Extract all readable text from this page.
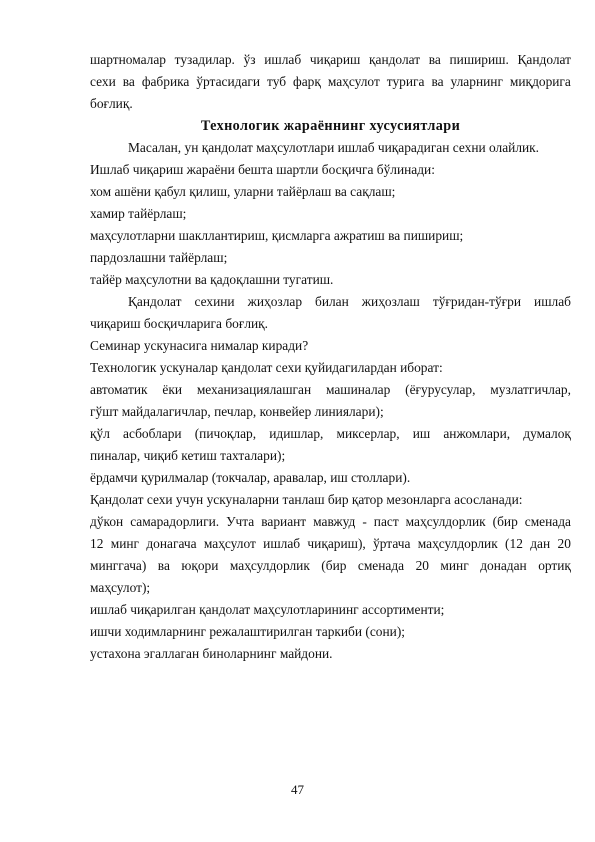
шартномалар тузадилар. ўз ишлаб чиқариш қандолат ва пишириш. Қандолат
сехи ва фабрика ўртасидаги туб фарқ маҳсулот турига ва уларнинг миқдорига
боғлиқ.
Технологик жараённинг хусусиятлари
Масалан, ун қандолат маҳсулотлари ишлаб чиқарадиган сехни олайлик.
Ишлаб чиқариш жараёни бешта шартли босқичга бўлинади:
хом ашёни қабул қилиш, уларни тайёрлаш ва сақлаш;
хамир тайёрлаш;
маҳсулотларни шакллантириш, қисмларга ажратиш ва пишириш;
пардозлашни тайёрлаш;
тайёр маҳсулотни ва қадоқлашни тугатиш.
Қандолат сехини жиҳозлар билан жиҳозлаш тўғридан-тўғри ишлаб
чиқариш босқичларига боғлиқ.
Семинар ускунасига нималар киради?
Технологик ускуналар қандолат сехи қуйидагилардан иборат:
автоматик ёки механизациялашган машиналар (ёғурусулар, музлатгичлар,
гўшт майдалагичлар, печлар, конвейер линиялари);
қўл асбоблари (пичоқлар, идишлар, миксерлар, иш анжомлари, думалоқ
пиналар, чиқиб кетиш тахталари);
ёрдамчи қурилмалар (токчалар, аравалар, иш столлари).
Қандолат сехи учун ускуналарни танлаш бир қатор мезонларга асосланади:
дўкон самарадорлиги. Учта вариант мавжуд - паст маҳсулдорлик (бир сменада
12 минг донагача маҳсулот ишлаб чиқариш), ўртача маҳсулдорлик (12 дан 20
минггача) ва юқори маҳсулдорлик (бир сменада 20 минг донадан ортиқ
маҳсулот);
ишлаб чиқарилган қандолат маҳсулотларининг ассортименти;
ишчи ходимларнинг режалаштирилган таркиби (сони);
устахона эгаллаган биноларнинг майдони.
47
